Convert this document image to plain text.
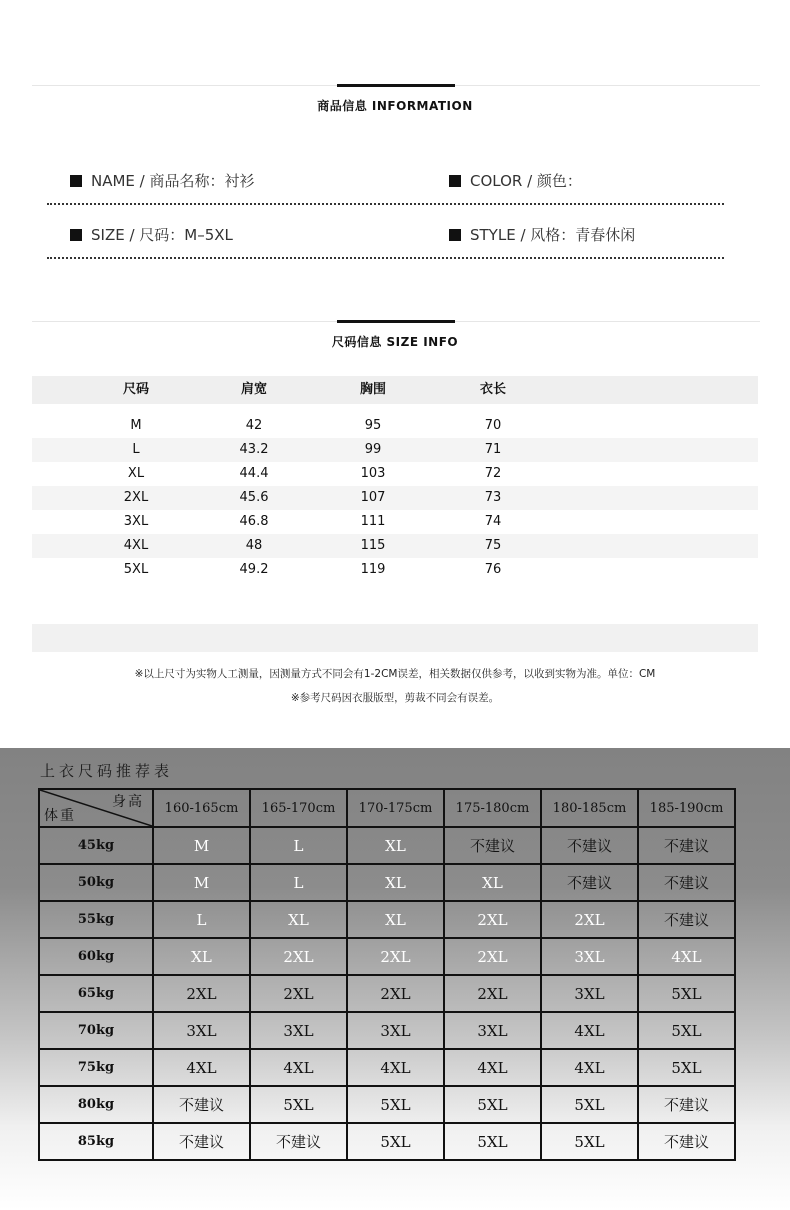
商品信息 INFORMATION
NAME / 商品名称：衬衫	COLOR / 颜色：
SIZE / 尺码：M–5XL	STYLE / 风格：青春休闲
尺码信息 SIZE INFO
尺码	肩宽	胸围	衣长
M	42	95	70
L	43.2	99	71
XL	44.4	103	72
2XL	45.6	107	73
3XL	46.8	111	74
4XL	48	115	75
5XL	49.2	119	76
※以上尺寸为实物人工测量，因测量方式不同会有1-2CM误差，相关数据仅供参考，以收到实物为准。单位：CM
※参考尺码因衣服版型，剪裁不同会有误差。
上衣尺码推荐表
身高
体重	160-165cm	165-170cm	170-175cm	175-180cm	180-185cm	185-190cm
45kg	M	L	XL	不建议	不建议	不建议
50kg	M	L	XL	XL	不建议	不建议
55kg	L	XL	XL	2XL	2XL	不建议
60kg	XL	2XL	2XL	2XL	3XL	4XL
65kg	2XL	2XL	2XL	2XL	3XL	5XL
70kg	3XL	3XL	3XL	3XL	4XL	5XL
75kg	4XL	4XL	4XL	4XL	4XL	5XL
80kg	不建议	5XL	5XL	5XL	5XL	不建议
85kg	不建议	不建议	5XL	5XL	5XL	不建议
